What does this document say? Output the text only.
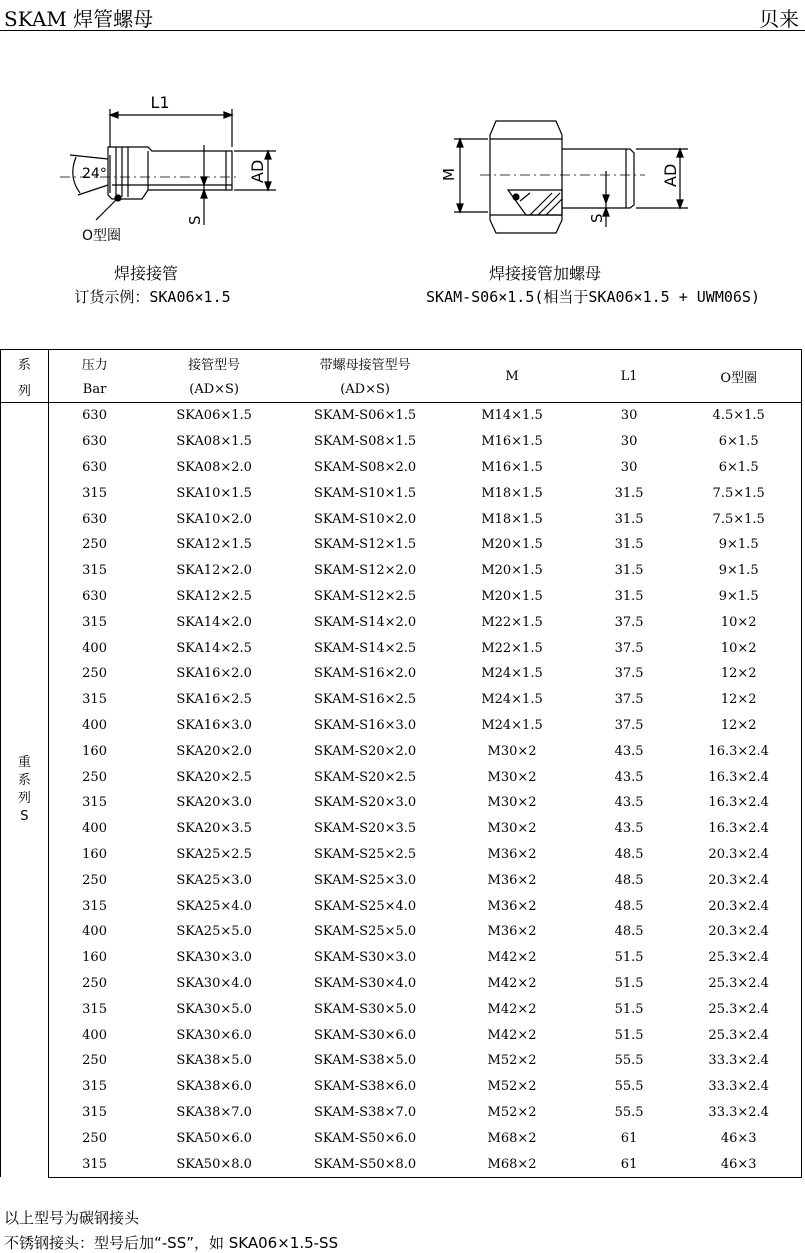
SKAM 焊管螺母	贝来
L1
24°	AD
S
O型圈
焊接接管
订货示例：SKA06×1.5
M	AD
S
焊接接管加螺母
SKAM-S06×1.5(相当于SKA06×1.5 + UWM06S)
系	压力	接管型号	带螺母接管型号	M	L1	O型圈
列	Bar	(AD×S)	(AD×S)			

重
系
列
S	630	SKA06×1.5	SKAM-S06×1.5	M14×1.5	30	4.5×1.5
	630	SKA08×1.5	SKAM-S08×1.5	M16×1.5	30	6×1.5
	630	SKA08×2.0	SKAM-S08×2.0	M16×1.5	30	6×1.5
	315	SKA10×1.5	SKAM-S10×1.5	M18×1.5	31.5	7.5×1.5
	630	SKA10×2.0	SKAM-S10×2.0	M18×1.5	31.5	7.5×1.5
	250	SKA12×1.5	SKAM-S12×1.5	M20×1.5	31.5	9×1.5
	315	SKA12×2.0	SKAM-S12×2.0	M20×1.5	31.5	9×1.5
	630	SKA12×2.5	SKAM-S12×2.5	M20×1.5	31.5	9×1.5
	315	SKA14×2.0	SKAM-S14×2.0	M22×1.5	37.5	10×2
	400	SKA14×2.5	SKAM-S14×2.5	M22×1.5	37.5	10×2
	250	SKA16×2.0	SKAM-S16×2.0	M24×1.5	37.5	12×2
	315	SKA16×2.5	SKAM-S16×2.5	M24×1.5	37.5	12×2
	400	SKA16×3.0	SKAM-S16×3.0	M24×1.5	37.5	12×2
	160	SKA20×2.0	SKAM-S20×2.0	M30×2	43.5	16.3×2.4
	250	SKA20×2.5	SKAM-S20×2.5	M30×2	43.5	16.3×2.4
	315	SKA20×3.0	SKAM-S20×3.0	M30×2	43.5	16.3×2.4
	400	SKA20×3.5	SKAM-S20×3.5	M30×2	43.5	16.3×2.4
	160	SKA25×2.5	SKAM-S25×2.5	M36×2	48.5	20.3×2.4
	250	SKA25×3.0	SKAM-S25×3.0	M36×2	48.5	20.3×2.4
	315	SKA25×4.0	SKAM-S25×4.0	M36×2	48.5	20.3×2.4
	400	SKA25×5.0	SKAM-S25×5.0	M36×2	48.5	20.3×2.4
	160	SKA30×3.0	SKAM-S30×3.0	M42×2	51.5	25.3×2.4
	250	SKA30×4.0	SKAM-S30×4.0	M42×2	51.5	25.3×2.4
	315	SKA30×5.0	SKAM-S30×5.0	M42×2	51.5	25.3×2.4
	400	SKA30×6.0	SKAM-S30×6.0	M42×2	51.5	25.3×2.4
	250	SKA38×5.0	SKAM-S38×5.0	M52×2	55.5	33.3×2.4
	315	SKA38×6.0	SKAM-S38×6.0	M52×2	55.5	33.3×2.4
	315	SKA38×7.0	SKAM-S38×7.0	M52×2	55.5	33.3×2.4
	250	SKA50×6.0	SKAM-S50×6.0	M68×2	61	46×3
	315	SKA50×8.0	SKAM-S50×8.0	M68×2	61	46×3
以上型号为碳钢接头
不锈钢接头：型号后加“-SS”，如 SKA06×1.5-SS
